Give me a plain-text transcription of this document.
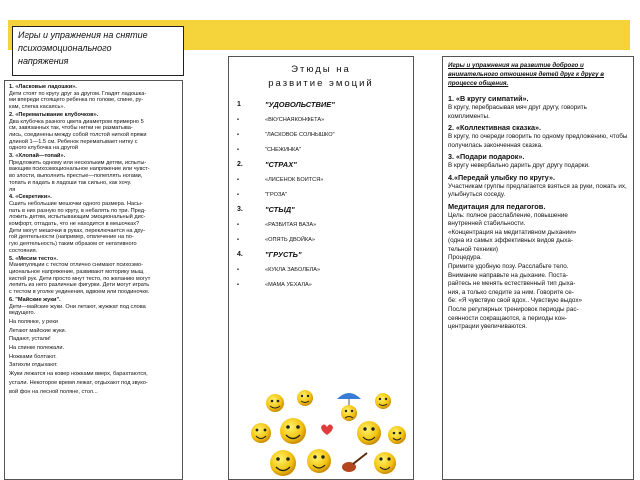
Игры и упражнения на снятие
психоэмоционального
напряжения
1. «Ласковые ладошки».
Дети стоят по кругу друг за другом. Гладят ладошка-
ми впереди стоящего ребенка по голове, спине, ру-
кам, слегка касаясь».
2. «Перематывание клубочков».
Два клубочка разного цвета диаметром примерно 5
см, завязанных так, чтобы нитки не разматыва-
лись, соединены между собой толстой ниткой пряжи
длиной 1—1.5 см. Ребенок перематывает нитку с
одного клубочка на другой
3. «Хлопай—топай».
Предложить одному или нескольким детям, испыты-
вающим психоэмоциональное напряжение или чувст-
во злости, выполнить престые—попеплять ногами,
топать и падать в ладоши так сильно, как хочу.
ля
4. «Секретики».
Сшить небольшие мешочки одного размера. Насы-
пать в них разную по кругу, в небалять по три. Пред-
ложить детям, испытывающим эмоциональный дис-
комфорт, отгадать, что не находится в мешочках?
Дети могут мешочки в руках, переключается на дру-
гой деятельности (например, отвлечение на по-
гую деятельность) таким образом от негативного
состояния.
5. «Месим тесто».
Манипуляции с тестом отлично снимают психоэмо-
циональное напряжение, развивают моторику мыщ
кистей рук. Дети просто мнут тесто, по желанию могут
лепить из него различные фигурки. Дети могут играть
с тестом в уголке уединения, вдвоем или поодиночке.
6. "Майские жуки".
Дети—майские жуки. Они летают, жужжат под слова
ведущего.
На полянке, у реки
Летают майские жуки.
Падают, устали!
На спинке полежали.
Ножками болтают.
Затихли отдыхают.
Жуки лежатся на ковер ножками вверх, барахтаются,
устали. Некоторое время лежат, отдыхают под звуко-
вой фон на лесной поляне, стол...
Этюды на
развитие эмоций
1	"УДОВОЛЬСТВИЕ"
•	«ВКУСНАЯКОНФЕТА»
•	"ЛАСКОВОЕ СОЛНЫШКО"
•	"СНЕЖИНКА"
2.	"СТРАХ"
•	«ЛИСЕНОК БОИТСЯ»
•	"ГРОЗА"
3.	"СТЫД"
•	«РАЗБИТАЯ ВАЗА»
•	«ОПЯТЬ ДВОЙКА»
4.	"ГРУСТЬ"
•	«КУКЛА ЗАБОЛЕЛА»
•	«МАМА УЕХАЛА»
Игры и упражнения на развитие доброго и внимательного отношения детей друг к другу в процессе общения.
1. «В кругу симпатий».
В кругу, перебрасывая мяч друг другу, говорить комплименты.
2. «Коллективная сказка».
В кругу, по очереди говорить по одному предложению, чтобы получилась законченная сказка.
3. «Подари подарок».
В кругу невербально дарить друг другу подарки.
4.«Передай улыбку по кругу».
Участникам группы предлагается взяться за руки, пожать их, улыбнуться соседу.
Медитация для педагогов.
Цель: полное расслабление, повышение
внутренней стабильности.
«Концентрация на медитативном дыхании»
(одна из самых эффективных видов дыха-
тельной техники)
Процедура.
Примите удобную позу. Расслабьте тело.
Внимание направьте на дыхание. Поста-
райтесь не менять естественный тип дыха-
ния, а только следите за ним. Говорите се-
бе: «Я чувствую свой вдох.. Чувствую выдох»
После регулярных тренировок периоды рас-
сеянности сокращаются, а периоды кон-
центрации увеличиваются.
